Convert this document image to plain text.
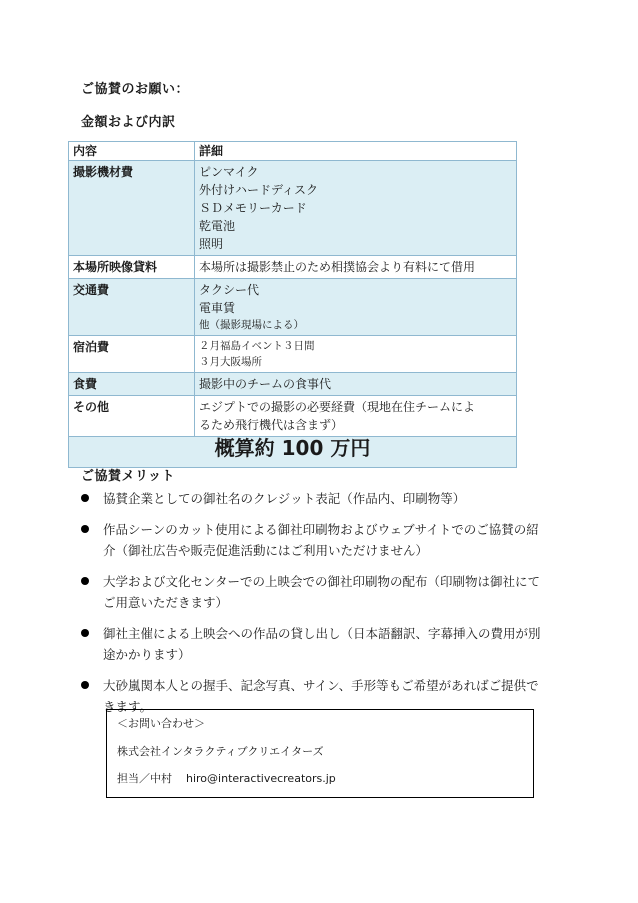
ご協賛のお願い：
金額および内訳
内容	詳細
撮影機材費	ピンマイク
外付けハードディスク
ＳＤメモリーカード
乾電池
照明

本場所映像貸料	本場所は撮影禁止のため相撲協会より有料にて借用

交通費	タクシー代
電車賃
他（撮影現場による）

宿泊費	２月福島イベント３日間
３月大阪場所

食費	撮影中のチームの食事代

その他	エジプトでの撮影の必要経費（現地在住チームによ
るため飛行機代は含まず）

概算約 100 万円	
ご協賛メリット
協賛企業としての御社名のクレジット表記（作品内、印刷物等）
作品シーンのカット使用による御社印刷物およびウェブサイトでのご協賛の紹介（御社広告や販売促進活動にはご利用いただけません）
大学および文化センターでの上映会での御社印刷物の配布（印刷物は御社にてご用意いただきます）
御社主催による上映会への作品の貸し出し（日本語翻訳、字幕挿入の費用が別途かかります）
大砂嵐関本人との握手、記念写真、サイン、手形等もご希望があればご提供できます。
＜お問い合わせ＞
株式会社インタラクティブクリエイターズ
担当／中村 hiro@interactivecreators.jp
